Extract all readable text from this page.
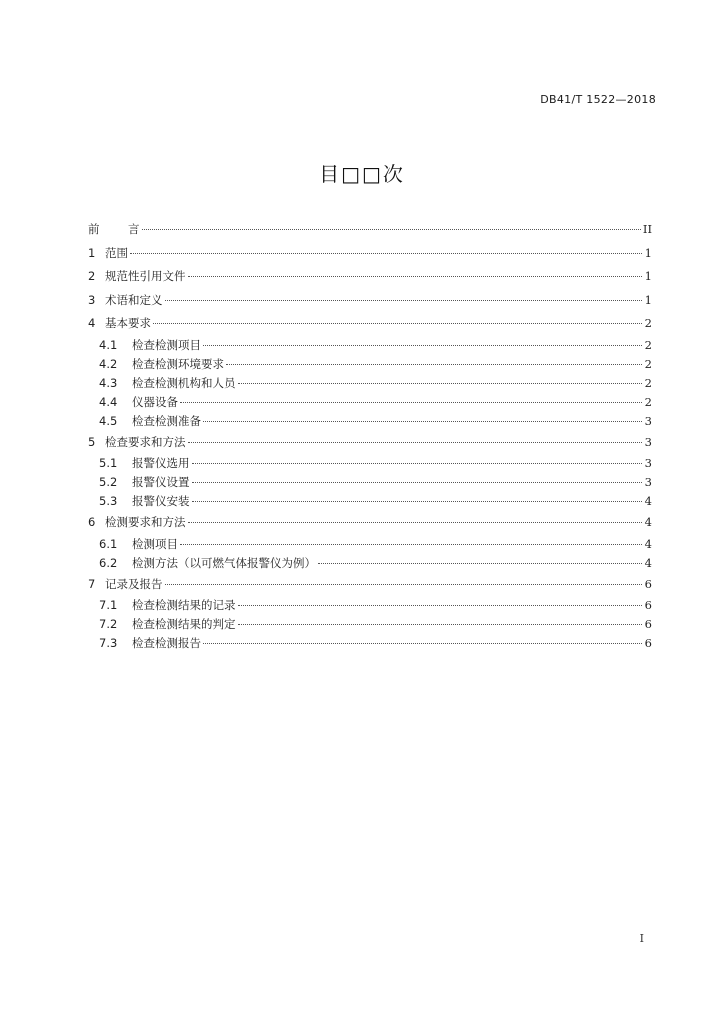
DB41/T 1522—2018
目□□次
前	言	II
1 范围	1
2 规范性引用文件	1
3 术语和定义	1
4 基本要求	2
4.1	检查检测项目	2
4.2	检查检测环境要求	2
4.3	检查检测机构和人员	2
4.4	仪器设备	2
4.5	检查检测准备	3
5 检查要求和方法	3
5.1	报警仪选用	3
5.2	报警仪设置	3
5.3	报警仪安装	4
6 检测要求和方法	4
6.1	检测项目	4
6.2	检测方法（以可燃气体报警仪为例）	4
7 记录及报告	6
7.1	检查检测结果的记录	6
7.2	检查检测结果的判定	6
7.3	检查检测报告	6
I
